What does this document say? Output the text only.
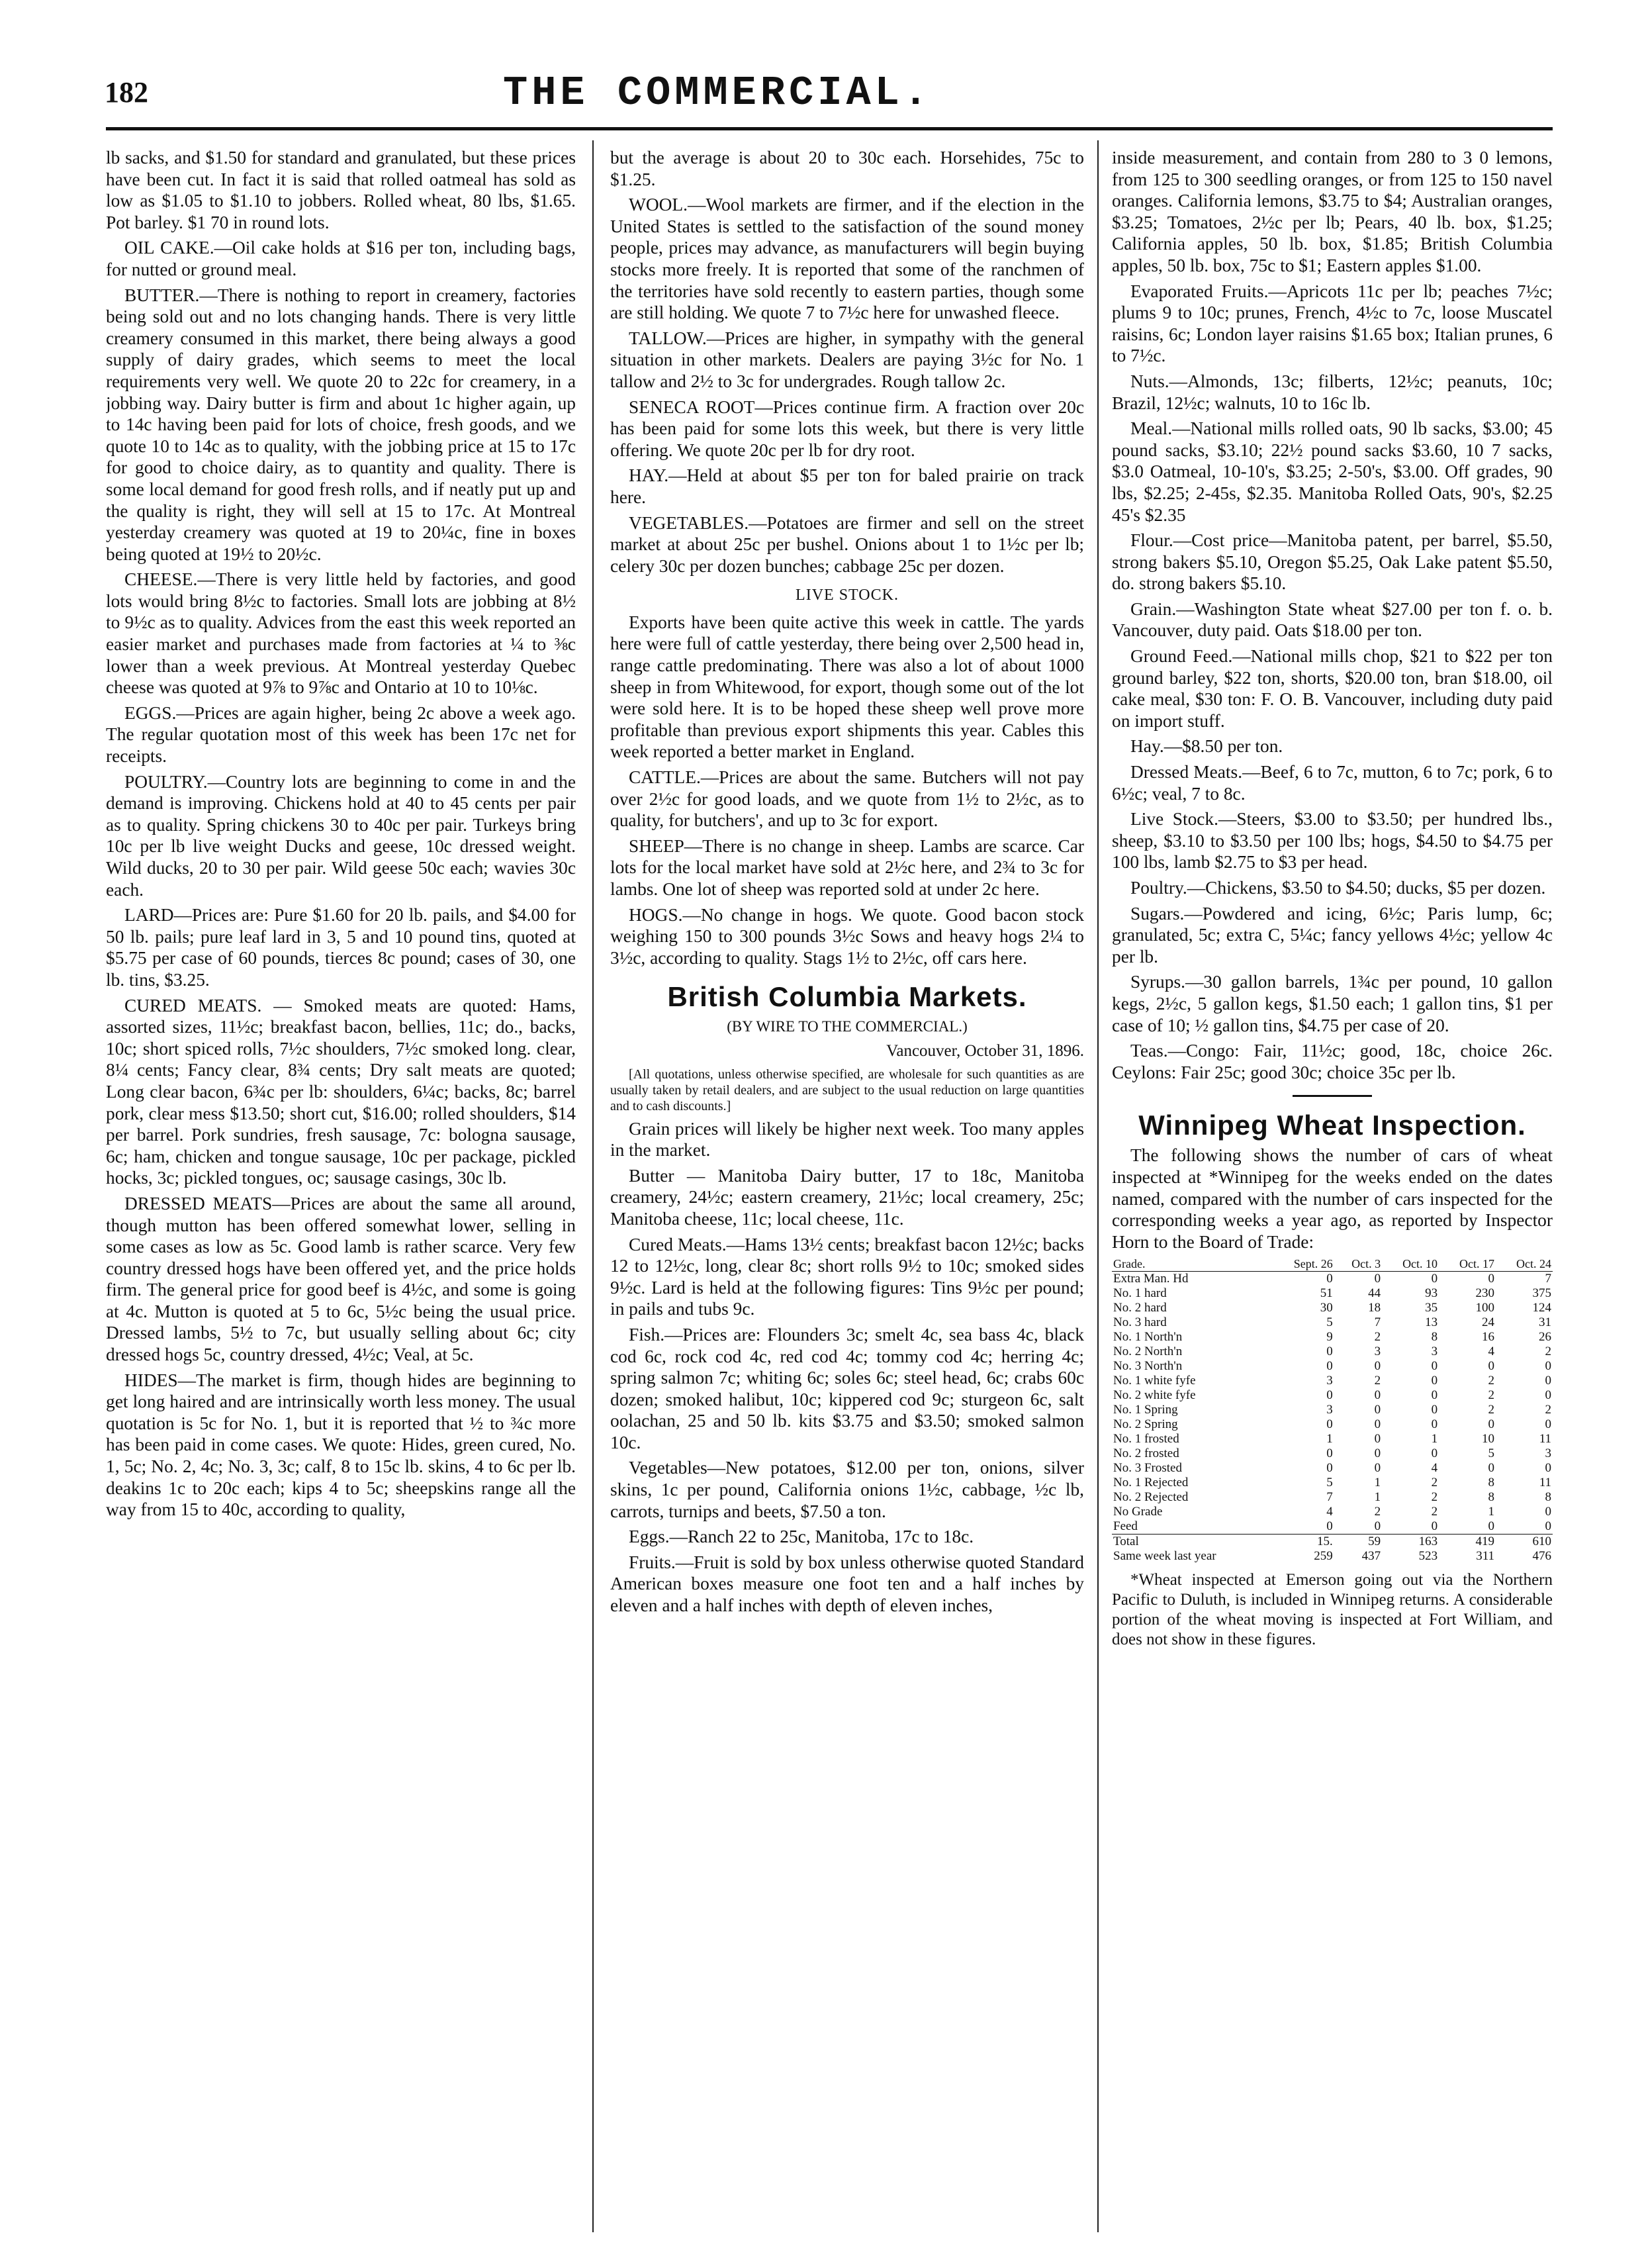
182	THE COMMERCIAL.

lb sacks, and $1.50 for standard and granulated, but these prices have been cut. In fact it is said that rolled oatmeal has sold as low as $1.05 to $1.10 to jobbers. Rolled wheat, 80 lbs, $1.65. Pot barley. $1 70 in round lots.

OIL CAKE.—Oil cake holds at $16 per ton, including bags, for nutted or ground meal.

BUTTER.—There is nothing to report in creamery, factories being sold out and no lots changing hands. There is very little creamery consumed in this market, there being always a good supply of dairy grades, which seems to meet the local requirements very well. We quote 20 to 22c for creamery, in a jobbing way. Dairy butter is firm and about 1c higher again, up to 14c having been paid for lots of choice, fresh goods, and we quote 10 to 14c as to quality, with the jobbing price at 15 to 17c for good to choice dairy, as to quantity and quality. There is some local demand for good fresh rolls, and if neatly put up and the quality is right, they will sell at 15 to 17c. At Montreal yesterday creamery was quoted at 19 to 20¼c, fine in boxes being quoted at 19½ to 20½c.

CHEESE.—There is very little held by factories, and good lots would bring 8½c to factories. Small lots are jobbing at 8½ to 9½c as to quality. Advices from the east this week reported an easier market and purchases made from factories at ¼ to ⅜c lower than a week previous. At Montreal yesterday Quebec cheese was quoted at 9⅞ to 9⅞c and Ontario at 10 to 10⅛c.

EGGS.—Prices are again higher, being 2c above a week ago. The regular quotation most of this week has been 17c net for receipts.

POULTRY.—Country lots are beginning to come in and the demand is improving. Chickens hold at 40 to 45 cents per pair as to quality. Spring chickens 30 to 40c per pair. Turkeys bring 10c per lb live weight Ducks and geese, 10c dressed weight. Wild ducks, 20 to 30 per pair. Wild geese 50c each; wavies 30c each.

LARD—Prices are: Pure $1.60 for 20 lb. pails, and $4.00 for 50 lb. pails; pure leaf lard in 3, 5 and 10 pound tins, quoted at $5.75 per case of 60 pounds, tierces 8c pound; cases of 30, one lb. tins, $3.25.

CURED MEATS. — Smoked meats are quoted: Hams, assorted sizes, 11½c; breakfast bacon, bellies, 11c; do., backs, 10c; short spiced rolls, 7½c shoulders, 7½c smoked long. clear, 8¼ cents; Fancy clear, 8¾ cents; Dry salt meats are quoted; Long clear bacon, 6¾c per lb: shoulders, 6¼c; backs, 8c; barrel pork, clear mess $13.50; short cut, $16.00; rolled shoulders, $14 per barrel. Pork sundries, fresh sausage, 7c: bologna sausage, 6c; ham, chicken and tongue sausage, 10c per package, pickled hocks, 3c; pickled tongues, oc; sausage casings, 30c lb.

DRESSED MEATS—Prices are about the same all around, though mutton has been offered somewhat lower, selling in some cases as low as 5c. Good lamb is rather scarce. Very few country dressed hogs have been offered yet, and the price holds firm. The general price for good beef is 4½c, and some is going at 4c. Mutton is quoted at 5 to 6c, 5½c being the usual price. Dressed lambs, 5½ to 7c, but usually selling about 6c; city dressed hogs 5c, country dressed, 4½c; Veal, at 5c.

HIDES—The market is firm, though hides are beginning to get long haired and are intrinsically worth less money. The usual quotation is 5c for No. 1, but it is reported that ½ to ¾c more has been paid in come cases. We quote: Hides, green cured, No. 1, 5c; No. 2, 4c; No. 3, 3c; calf, 8 to 15c lb. skins, 4 to 6c per lb. deakins 1c to 20c each; kips 4 to 5c; sheepskins range all the way from 15 to 40c, according to quality,

but the average is about 20 to 30c each. Horsehides, 75c to $1.25.

WOOL.—Wool markets are firmer, and if the election in the United States is settled to the satisfaction of the sound money people, prices may advance, as manufacturers will begin buying stocks more freely. It is reported that some of the ranchmen of the territories have sold recently to eastern parties, though some are still holding. We quote 7 to 7½c here for unwashed fleece.

TALLOW.—Prices are higher, in sympathy with the general situation in other markets. Dealers are paying 3½c for No. 1 tallow and 2½ to 3c for undergrades. Rough tallow 2c.

SENECA ROOT—Prices continue firm. A fraction over 20c has been paid for some lots this week, but there is very little offering. We quote 20c per lb for dry root.

HAY.—Held at about $5 per ton for baled prairie on track here.

VEGETABLES.—Potatoes are firmer and sell on the street market at about 25c per bushel. Onions about 1 to 1½c per lb; celery 30c per dozen bunches; cabbage 25c per dozen.

LIVE STOCK.

Exports have been quite active this week in cattle. The yards here were full of cattle yesterday, there being over 2,500 head in, range cattle predominating. There was also a lot of about 1000 sheep in from Whitewood, for export, though some out of the lot were sold here. It is to be hoped these sheep well prove more profitable than previous export shipments this year. Cables this week reported a better market in England.

CATTLE.—Prices are about the same. Butchers will not pay over 2½c for good loads, and we quote from 1½ to 2½c, as to quality, for butchers', and up to 3c for export.

SHEEP—There is no change in sheep. Lambs are scarce. Car lots for the local market have sold at 2½c here, and 2¾ to 3c for lambs. One lot of sheep was reported sold at under 2c here.

HOGS.—No change in hogs. We quote. Good bacon stock weighing 150 to 300 pounds 3½c Sows and heavy hogs 2¼ to 3½c, according to quality. Stags 1½ to 2½c, off cars here.

British Columbia Markets.
(BY WIRE TO THE COMMERCIAL.)
Vancouver, October 31, 1896.

[All quotations, unless otherwise specified, are wholesale for such quantities as are usually taken by retail dealers, and are subject to the usual reduction on large quantities and to cash discounts.]

Grain prices will likely be higher next week. Too many apples in the market.

Butter — Manitoba Dairy butter, 17 to 18c, Manitoba creamery, 24½c; eastern creamery, 21½c; local creamery, 25c; Manitoba cheese, 11c; local cheese, 11c.

Cured Meats.—Hams 13½ cents; breakfast bacon 12½c; backs 12 to 12½c, long, clear 8c; short rolls 9½ to 10c; smoked sides 9½c. Lard is held at the following figures: Tins 9½c per pound; in pails and tubs 9c.

Fish.—Prices are: Flounders 3c; smelt 4c, sea bass 4c, black cod 6c, rock cod 4c, red cod 4c; tommy cod 4c; herring 4c; spring salmon 7c; whiting 6c; soles 6c; steel head, 6c; crabs 60c dozen; smoked halibut, 10c; kippered cod 9c; sturgeon 6c, salt oolachan, 25 and 50 lb. kits $3.75 and $3.50; smoked salmon 10c.

Vegetables—New potatoes, $12.00 per ton, onions, silver skins, 1c per pound, California onions 1½c, cabbage, ½c lb, carrots, turnips and beets, $7.50 a ton.

Eggs.—Ranch 22 to 25c, Manitoba, 17c to 18c.

Fruits.—Fruit is sold by box unless otherwise quoted Standard American boxes measure one foot ten and a half inches by eleven and a half inches with depth of eleven inches,

inside measurement, and contain from 280 to 3 0 lemons, from 125 to 300 seedling oranges, or from 125 to 150 navel oranges. California lemons, $3.75 to $4; Australian oranges, $3.25; Tomatoes, 2½c per lb; Pears, 40 lb. box, $1.25; California apples, 50 lb. box, $1.85; British Columbia apples, 50 lb. box, 75c to $1; Eastern apples $1.00.

Evaporated Fruits.—Apricots 11c per lb; peaches 7½c; plums 9 to 10c; prunes, French, 4½c to 7c, loose Muscatel raisins, 6c; London layer raisins $1.65 box; Italian prunes, 6 to 7½c.

Nuts.—Almonds, 13c; filberts, 12½c; peanuts, 10c; Brazil, 12½c; walnuts, 10 to 16c lb.

Meal.—National mills rolled oats, 90 lb sacks, $3.00; 45 pound sacks, $3.10; 22½ pound sacks $3.60, 10 7 sacks, $3.0 Oatmeal, 10-10's, $3.25; 2-50's, $3.00. Off grades, 90 lbs, $2.25; 2-45s, $2.35. Manitoba Rolled Oats, 90's, $2.25 45's $2.35

Flour.—Cost price—Manitoba patent, per barrel, $5.50, strong bakers $5.10, Oregon $5.25, Oak Lake patent $5.50, do. strong bakers $5.10.

Grain.—Washington State wheat $27.00 per ton f. o. b. Vancouver, duty paid. Oats $18.00 per ton.

Ground Feed.—National mills chop, $21 to $22 per ton ground barley, $22 ton, shorts, $20.00 ton, bran $18.00, oil cake meal, $30 ton: F. O. B. Vancouver, including duty paid on import stuff.

Hay.—$8.50 per ton.

Dressed Meats.—Beef, 6 to 7c, mutton, 6 to 7c; pork, 6 to 6½c; veal, 7 to 8c.

Live Stock.—Steers, $3.00 to $3.50; per hundred lbs., sheep, $3.10 to $3.50 per 100 lbs; hogs, $4.50 to $4.75 per 100 lbs, lamb $2.75 to $3 per head.

Poultry.—Chickens, $3.50 to $4.50; ducks, $5 per dozen.

Sugars.—Powdered and icing, 6½c; Paris lump, 6c; granulated, 5c; extra C, 5¼c; fancy yellows 4½c; yellow 4c per lb.

Syrups.—30 gallon barrels, 1¾c per pound, 10 gallon kegs, 2½c, 5 gallon kegs, $1.50 each; 1 gallon tins, $1 per case of 10; ½ gallon tins, $4.75 per case of 20.

Teas.—Congo: Fair, 11½c; good, 18c, choice 26c. Ceylons: Fair 25c; good 30c; choice 35c per lb.

Winnipeg Wheat Inspection.

The following shows the number of cars of wheat inspected at *Winnipeg for the weeks ended on the dates named, compared with the number of cars inspected for the corresponding weeks a year ago, as reported by Inspector Horn to the Board of Trade:

Grade.	Sept. 26	Oct. 3	Oct. 10	Oct. 17	Oct. 24
Extra Man. Hd	0	0	0	0	7
No. 1 hard	51	44	93	230	375
No. 2 hard	30	18	35	100	124
No. 3 hard	5	7	13	24	31
No. 1 North'n	9	2	8	16	26
No. 2 North'n	0	3	3	4	2
No. 3 North'n	0	0	0	0	0
No. 1 white fyfe	3	2	0	2	0
No. 2 white fyfe	0	0	0	2	0
No. 1 Spring	3	0	0	2	2
No. 2 Spring	0	0	0	0	0
No. 1 frosted	1	0	1	10	11
No. 2 frosted	0	0	0	5	3
No. 3 Frosted	0	0	4	0	0
No. 1 Rejected	5	1	2	8	11
No. 2 Rejected	7	1	2	8	8
No Grade	4	2	2	1	0
Feed	0	0	0	0	0
Total	15.	59	163	419	610
Same week last year	259	437	523	311	476

*Wheat inspected at Emerson going out via the Northern Pacific to Duluth, is included in Winnipeg returns. A considerable portion of the wheat moving is inspected at Fort William, and does not show in these figures.
